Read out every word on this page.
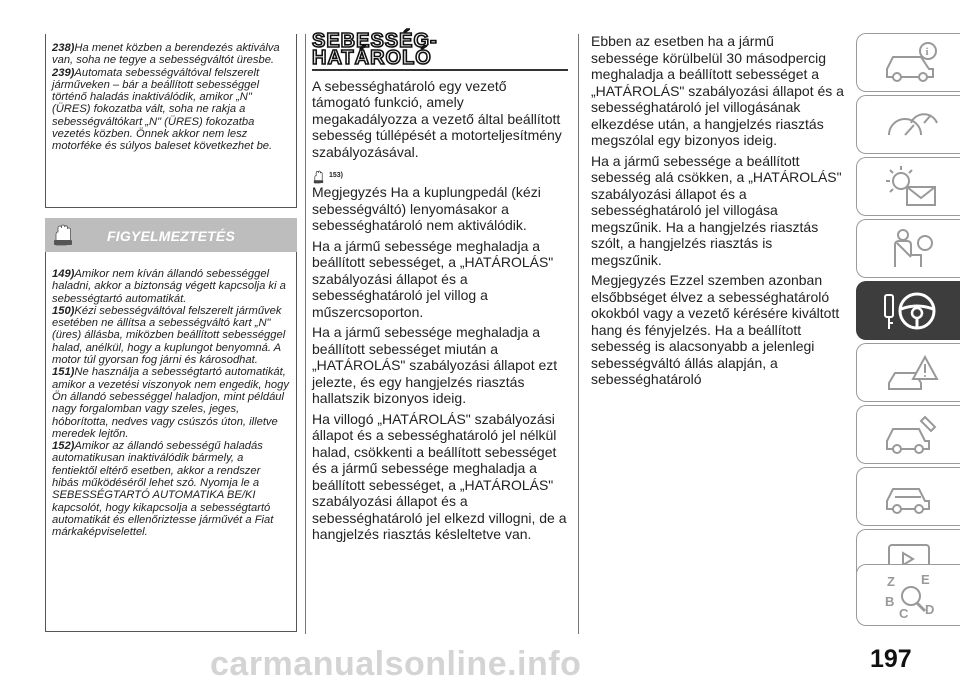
238)Ha menet közben a berendezés aktiválva van, soha ne tegye a sebességváltót üresbe.

239)Automata sebességváltóval felszerelt járműveken – bár a beállított sebességgel történő haladás inaktiválódik, amikor „N" (ÜRES) fokozatba vált, soha ne rakja a sebességváltókart „N" (ÜRES) fokozatba vezetés közben. Önnek akkor nem lesz motorféke és súlyos baleset következhet be.

FIGYELMEZTETÉS

149)Amikor nem kíván állandó sebességgel haladni, akkor a biztonság végett kapcsolja ki a sebességtartó automatikát.

150)Kézi sebességváltóval felszerelt járművek esetében ne állítsa a sebességváltó kart „N" (üres) állásba, miközben beállított sebességgel halad, anélkül, hogy a kuplungot benyomná. A motor túl gyorsan fog járni és károsodhat.

151)Ne használja a sebességtartó automatikát, amikor a vezetési viszonyok nem engedik, hogy Ön állandó sebességgel haladjon, mint például nagy forgalomban vagy szeles, jeges, hóborította, nedves vagy csúszós úton, illetve meredek lejtőn.

152)Amikor az állandó sebességű haladás automatikusan inaktiválódik bármely, a fentiektől eltérő esetben, akkor a rendszer hibás működéséről lehet szó. Nyomja le a SEBESSÉGTARTÓ AUTOMATIKA BE/KI kapcsolót, hogy kikapcsolja a sebességtartó automatikát és ellenőriztesse járművét a Fiat márkaképviselettel.

SEBESSÉG-
HATÁROLÓ

A sebességhatároló egy vezető támogató funkció, amely megakadályozza a vezető által beállított sebesség túllépését a motorteljesítmény szabályozásával.

153)

Megjegyzés Ha a kuplungpedál (kézi sebességváltó) lenyomásakor a sebességhatároló nem aktiválódik.

Ha a jármű sebessége meghaladja a beállított sebességet, a „HATÁROLÁS" szabályozási állapot és a sebességhatároló jel villog a műszercsoporton.

Ha a jármű sebessége meghaladja a beállított sebességet miután a „HATÁROLÁS" szabályozási állapot ezt jelezte, és egy hangjelzés riasztás hallatszik bizonyos ideig.

Ha villogó „HATÁROLÁS" szabályozási állapot és a sebességhatároló jel nélkül halad, csökkenti a beállított sebességet és a jármű sebessége meghaladja a beállított sebességet, a „HATÁROLÁS" szabályozási állapot és a sebességhatároló jel elkezd villogni, de a hangjelzés riasztás késleltetve van.

Ebben az esetben ha a jármű sebessége körülbelül 30 másodpercig meghaladja a beállított sebességet a „HATÁROLÁS" szabályozási állapot és a sebességhatároló jel villogásának elkezdése után, a hangjelzés riasztás megszólal egy bizonyos ideig.

Ha a jármű sebessége a beállított sebesség alá csökken, a „HATÁROLÁS" szabályozási állapot és a sebességhatároló jel villogása megszűnik. Ha a hangjelzés riasztás szólt, a hangjelzés riasztás is megszűnik.

Megjegyzés Ezzel szemben azonban elsőbbséget élvez a sebességhatároló okokból vagy a vezető kérésére kiváltott hang és fényjelzés. Ha a beállított sebesség is alacsonyabb a jelenlegi sebességváltó állás alapján, a sebességhatároló

i
Z E
B
C D
carmanualsonline.info	197
